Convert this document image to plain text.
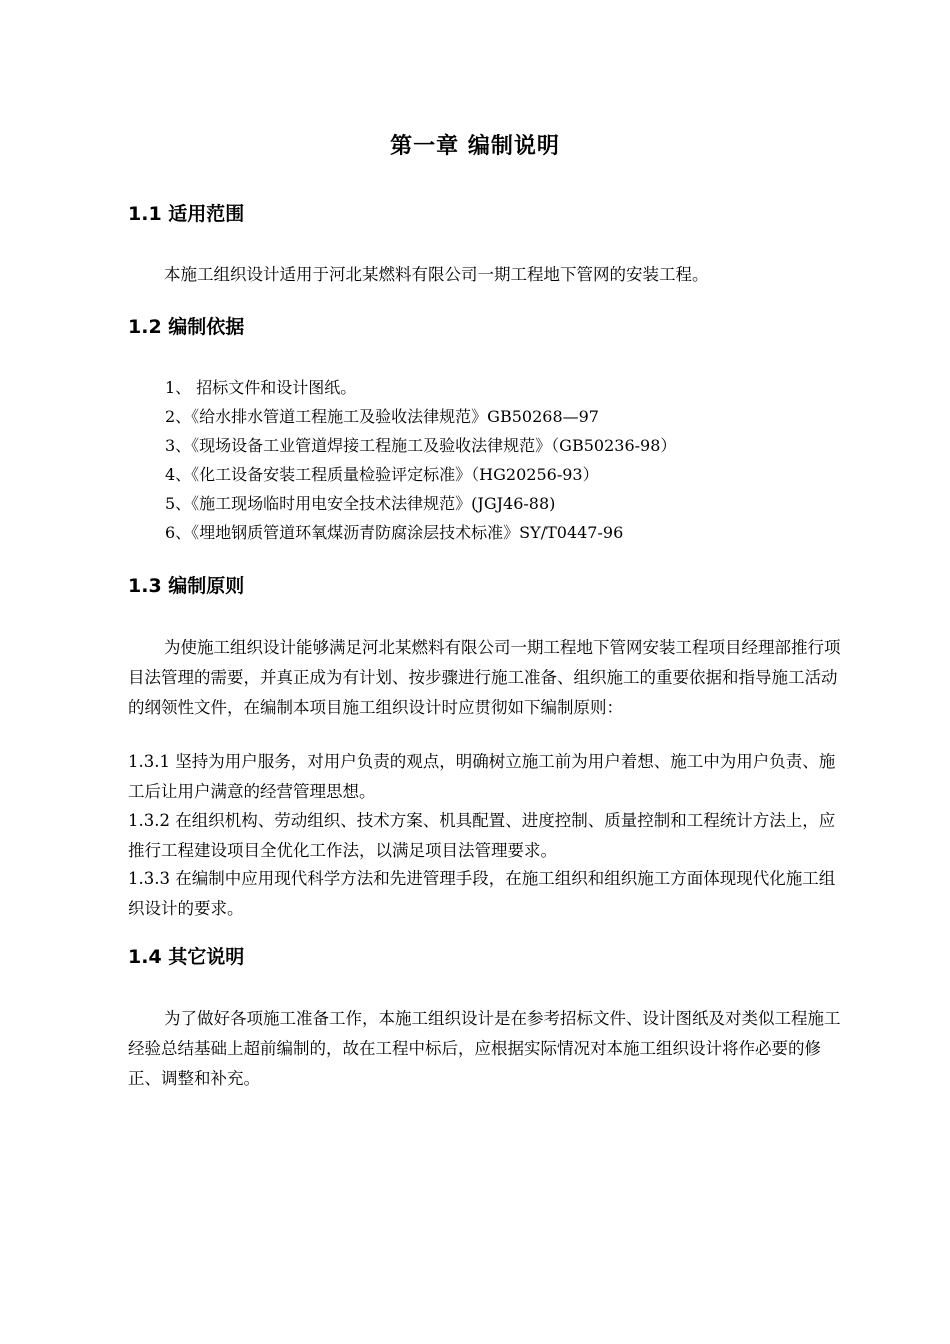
第一章 编制说明
1.1 适用范围

本施工组织设计适用于河北某燃料有限公司一期工程地下管网的安装工程。

1.2 编制依据
1、 招标文件和设计图纸。
2、《给水排水管道工程施工及验收法律规范》GB50268—97
3、《现场设备工业管道焊接工程施工及验收法律规范》（GB50236-98）
4、《化工设备安装工程质量检验评定标准》（HG20256-93）
5、《施工现场临时用电安全技术法律规范》(JGJ46-88)
6、《埋地钢质管道环氧煤沥青防腐涂层技术标准》SY/T0447-96
1.3 编制原则

为使施工组织设计能够满足河北某燃料有限公司一期工程地下管网安装工程项目经理部推行项目法管理的需要，并真正成为有计划、按步骤进行施工准备、组织施工的重要依据和指导施工活动的纲领性文件，在编制本项目施工组织设计时应贯彻如下编制原则：

1.3.1 坚持为用户服务，对用户负责的观点，明确树立施工前为用户着想、施工中为用户负责、施工后让用户满意的经营管理思想。

1.3.2 在组织机构、劳动组织、技术方案、机具配置、进度控制、质量控制和工程统计方法上，应推行工程建设项目全优化工作法，以满足项目法管理要求。

1.3.3 在编制中应用现代科学方法和先进管理手段，在施工组织和组织施工方面体现现代化施工组织设计的要求。

1.4 其它说明

为了做好各项施工准备工作，本施工组织设计是在参考招标文件、设计图纸及对类似工程施工经验总结基础上超前编制的，故在工程中标后，应根据实际情况对本施工组织设计将作必要的修正、调整和补充。
